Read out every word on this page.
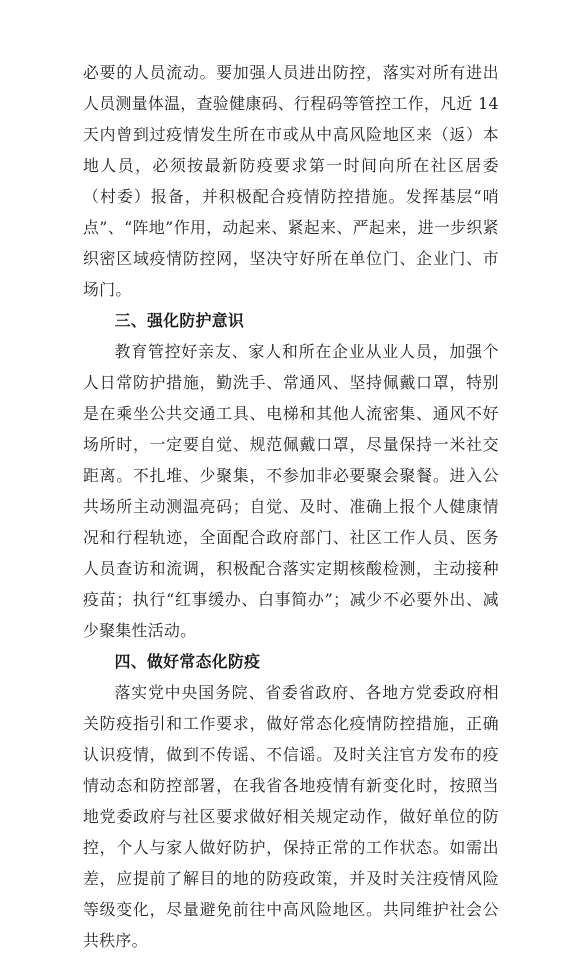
必要的人员流动。要加强人员进出防控，落实对所有进出人员测量体温，查验健康码、行程码等管控工作，凡近 14 天内曾到过疫情发生所在市或从中高风险地区来（返）本地人员，必须按最新防疫要求第一时间向所在社区居委（村委）报备，并积极配合疫情防控措施。发挥基层“哨点”、“阵地”作用，动起来、紧起来、严起来，进一步织紧织密区域疫情防控网，坚决守好所在单位门、企业门、市场门。

三、强化防护意识

教育管控好亲友、家人和所在企业从业人员，加强个人日常防护措施，勤洗手、常通风、坚持佩戴口罩，特别是在乘坐公共交通工具、电梯和其他人流密集、通风不好场所时，一定要自觉、规范佩戴口罩，尽量保持一米社交距离。不扎堆、少聚集，不参加非必要聚会聚餐。进入公共场所主动测温亮码；自觉、及时、准确上报个人健康情况和行程轨迹，全面配合政府部门、社区工作人员、医务人员查访和流调，积极配合落实定期核酸检测，主动接种疫苗；执行“红事缓办、白事简办”；减少不必要外出、减少聚集性活动。

四、做好常态化防疫

落实党中央国务院、省委省政府、各地方党委政府相关防疫指引和工作要求，做好常态化疫情防控措施，正确认识疫情，做到不传谣、不信谣。及时关注官方发布的疫情动态和防控部署，在我省各地疫情有新变化时，按照当地党委政府与社区要求做好相关规定动作，做好单位的防控，个人与家人做好防护，保持正常的工作状态。如需出差，应提前了解目的地的防疫政策，并及时关注疫情风险等级变化，尽量避免前往中高风险地区。共同维护社会公共秩序。
